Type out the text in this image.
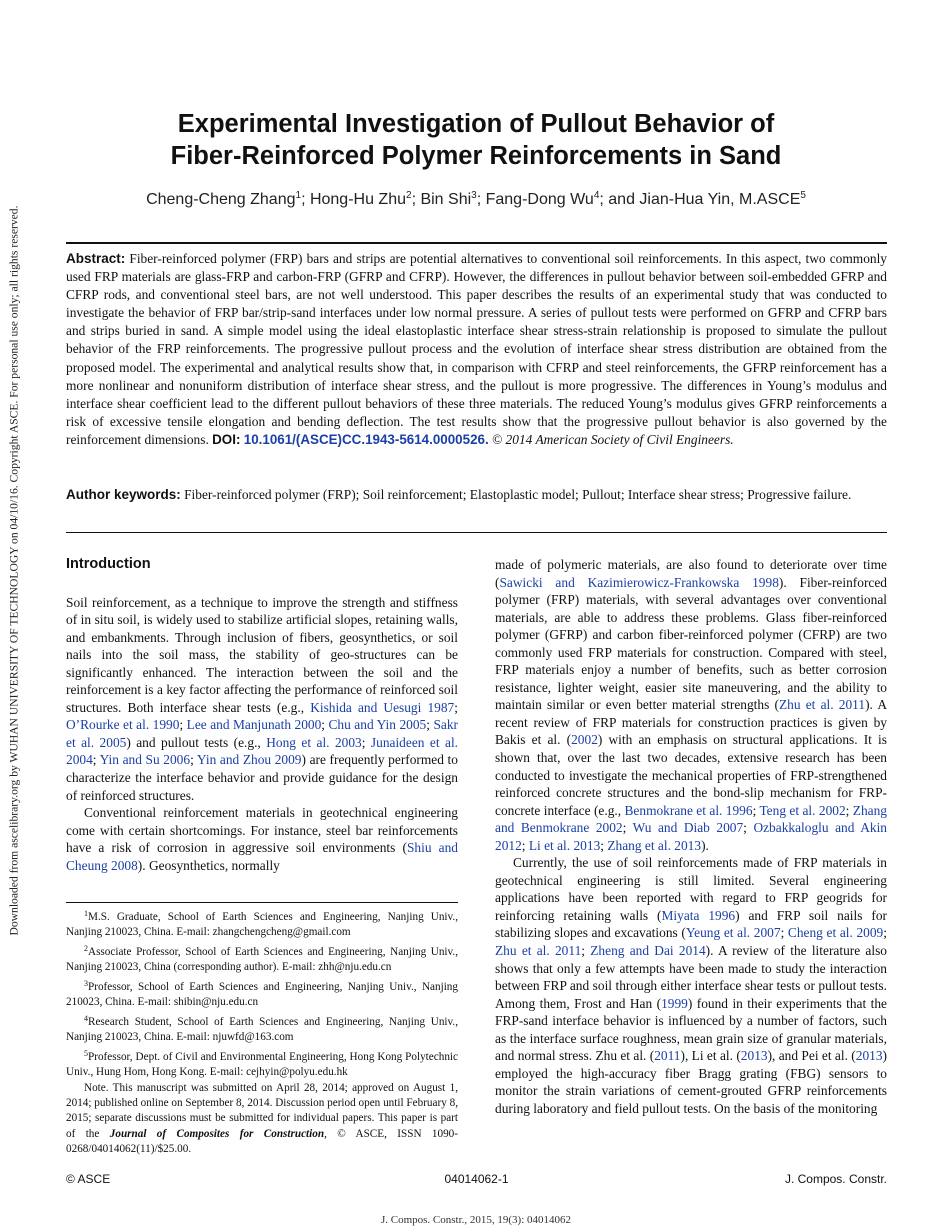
Downloaded from ascelibrary.org by WUHAN UNIVERSITY OF TECHNOLOGY on 04/10/16. Copyright ASCE. For personal use only; all rights reserved.
Experimental Investigation of Pullout Behavior of
Fiber-Reinforced Polymer Reinforcements in Sand
Cheng-Cheng Zhang$^1$; Hong-Hu Zhu$^2$; Bin Shi$^3$; Fang-Dong Wu$^4$; and Jian-Hua Yin, M.ASCE$^5$
Abstract: Fiber-reinforced polymer (FRP) bars and strips are potential alternatives to conventional soil reinforcements. In this aspect, two commonly used FRP materials are glass-FRP and carbon-FRP (GFRP and CFRP). However, the differences in pullout behavior between soil-embedded GFRP and CFRP rods, and conventional steel bars, are not well understood. This paper describes the results of an experimental study that was conducted to investigate the behavior of FRP bar/strip-sand interfaces under low normal pressure. A series of pullout tests were performed on GFRP and CFRP bars and strips buried in sand. A simple model using the ideal elastoplastic interface shear stress-strain relationship is proposed to simulate the pullout behavior of the FRP reinforcements. The progressive pullout process and the evolution of interface shear stress distribution are obtained from the proposed model. The experimental and analytical results show that, in comparison with CFRP and steel reinforcements, the GFRP reinforcement has a more nonlinear and nonuniform distribution of interface shear stress, and the pullout is more progressive. The differences in Young’s modulus and interface shear coefficient lead to the different pullout behaviors of these three materials. The reduced Young’s modulus gives GFRP reinforcements a risk of excessive tensile elongation and bending deflection. The test results show that the progressive pullout behavior is also governed by the reinforcement dimensions. DOI: 10.1061/(ASCE)CC.1943-5614.0000526. © 2014 American Society of Civil Engineers.
Author keywords: Fiber-reinforced polymer (FRP); Soil reinforcement; Elastoplastic model; Pullout; Interface shear stress; Progressive failure.
Introduction

Soil reinforcement, as a technique to improve the strength and stiffness of in situ soil, is widely used to stabilize artificial slopes, retaining walls, and embankments. Through inclusion of fibers, geosynthetics, or soil nails into the soil mass, the stability of geo-structures can be significantly enhanced. The interaction between the soil and the reinforcement is a key factor affecting the performance of reinforced soil structures. Both interface shear tests (e.g., Kishida and Uesugi 1987; O’Rourke et al. 1990; Lee and Manjunath 2000; Chu and Yin 2005; Sakr et al. 2005) and pullout tests (e.g., Hong et al. 2003; Junaideen et al. 2004; Yin and Su 2006; Yin and Zhou 2009) are frequently performed to characterize the interface behavior and provide guidance for the design of reinforced structures.

Conventional reinforcement materials in geotechnical engineering come with certain shortcomings. For instance, steel bar reinforcements have a risk of corrosion in aggressive soil environments (Shiu and Cheung 2008). Geosynthetics, normally

made of polymeric materials, are also found to deteriorate over time (Sawicki and Kazimierowicz-Frankowska 1998). Fiber-reinforced polymer (FRP) materials, with several advantages over conventional materials, are able to address these problems. Glass fiber-reinforced polymer (GFRP) and carbon fiber-reinforced polymer (CFRP) are two commonly used FRP materials for construction. Compared with steel, FRP materials enjoy a number of benefits, such as better corrosion resistance, lighter weight, easier site maneuvering, and the ability to maintain similar or even better material strengths (Zhu et al. 2011). A recent review of FRP materials for construction practices is given by Bakis et al. (2002) with an emphasis on structural applications. It is shown that, over the last two decades, extensive research has been conducted to investigate the mechanical properties of FRP-strengthened reinforced concrete structures and the bond-slip mechanism for FRP-concrete interface (e.g., Benmokrane et al. 1996; Teng et al. 2002; Zhang and Benmokrane 2002; Wu and Diab 2007; Ozbakkaloglu and Akin 2012; Li et al. 2013; Zhang et al. 2013).

Currently, the use of soil reinforcements made of FRP materials in geotechnical engineering is still limited. Several engineering applications have been reported with regard to FRP geogrids for reinforcing retaining walls (Miyata 1996) and FRP soil nails for stabilizing slopes and excavations (Yeung et al. 2007; Cheng et al. 2009; Zhu et al. 2011; Zheng and Dai 2014). A review of the literature also shows that only a few attempts have been made to study the interaction between FRP and soil through either interface shear tests or pullout tests. Among them, Frost and Han (1999) found in their experiments that the FRP-sand interface behavior is influenced by a number of factors, such as the interface surface roughness, mean grain size of granular materials, and normal stress. Zhu et al. (2011), Li et al. (2013), and Pei et al. (2013) employed the high-accuracy fiber Bragg grating (FBG) sensors to monitor the strain variations of cement-grouted GFRP reinforcements during laboratory and field pullout tests. On the basis of the monitoring

$^1$M.S. Graduate, School of Earth Sciences and Engineering, Nanjing Univ., Nanjing 210023, China. E-mail: zhangchengcheng@gmail.com

$^2$Associate Professor, School of Earth Sciences and Engineering, Nanjing Univ., Nanjing 210023, China (corresponding author). E-mail: zhh@nju.edu.cn

$^3$Professor, School of Earth Sciences and Engineering, Nanjing Univ., Nanjing 210023, China. E-mail: shibin@nju.edu.cn

$^4$Research Student, School of Earth Sciences and Engineering, Nanjing Univ., Nanjing 210023, China. E-mail: njuwfd@163.com

$^5$Professor, Dept. of Civil and Environmental Engineering, Hong Kong Polytechnic Univ., Hung Hom, Hong Kong. E-mail: cejhyin@polyu.edu.hk

Note. This manuscript was submitted on April 28, 2014; approved on August 1, 2014; published online on September 8, 2014. Discussion period open until February 8, 2015; separate discussions must be submitted for individual papers. This paper is part of the Journal of Composites for Construction, © ASCE, ISSN 1090-0268/04014062(11)/$25.00.

© ASCE	04014062-1	J. Compos. Constr.
J. Compos. Constr., 2015, 19(3): 04014062
